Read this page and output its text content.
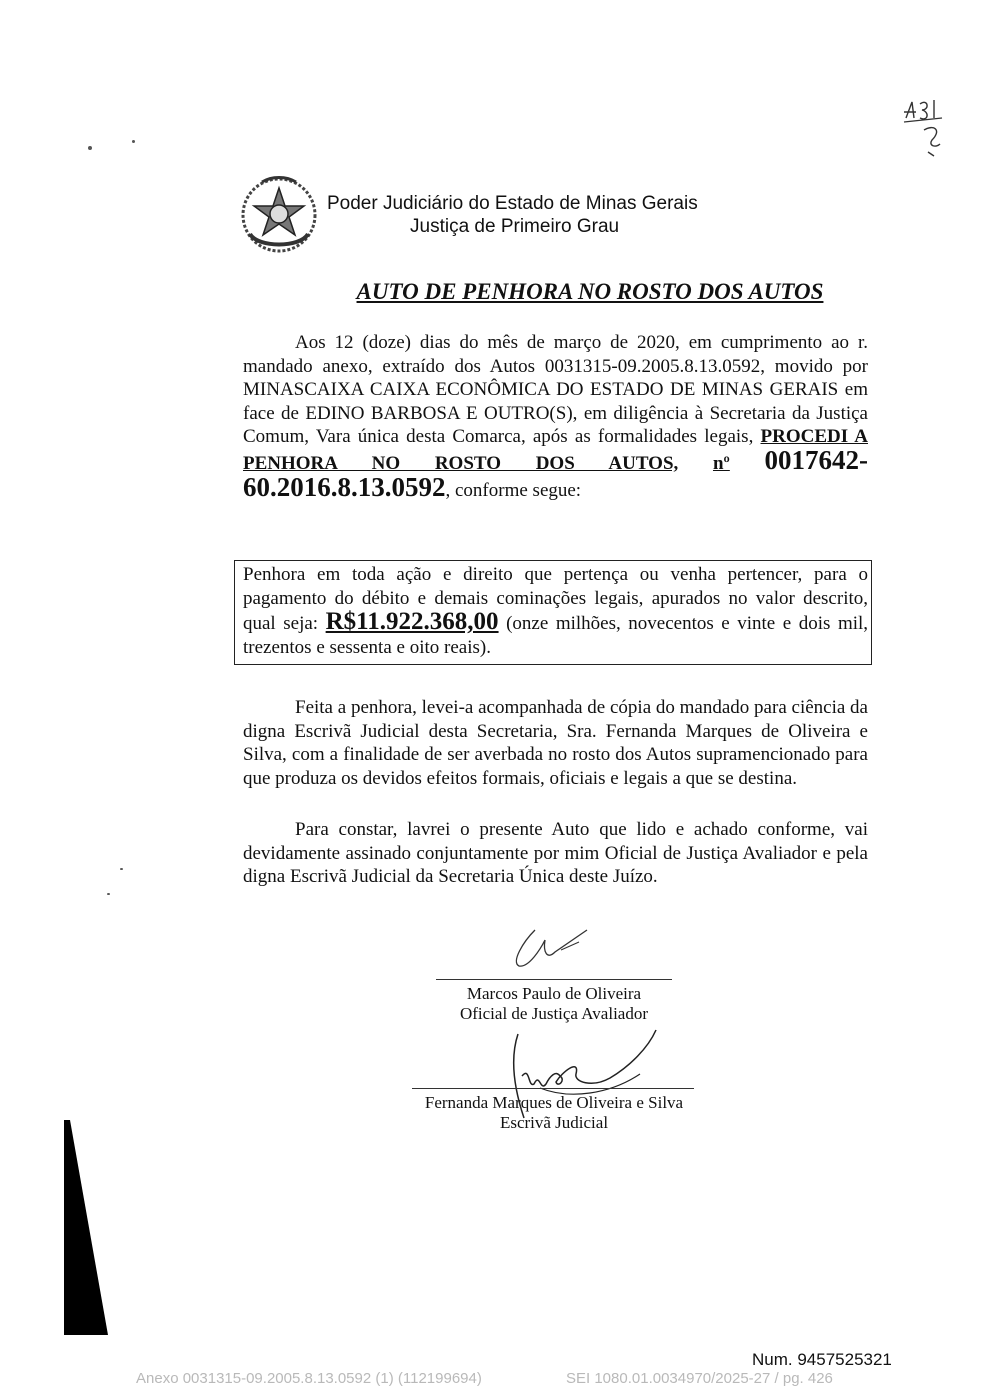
Poder Judiciário do Estado de Minas Gerais
Justiça de Primeiro Grau
AUTO DE PENHORA NO ROSTO DOS AUTOS
Aos 12 (doze) dias do mês de março de 2020, em cumprimento ao r. mandado anexo, extraído dos Autos 0031315-09.2005.8.13.0592, movido por MINASCAIXA CAIXA ECONÔMICA DO ESTADO DE MINAS GERAIS em face de EDINO BARBOSA E OUTRO(S), em diligência à Secretaria da Justiça Comum, Vara única desta Comarca, após as formalidades legais, PROCEDI A PENHORA NO ROSTO DOS AUTOS, nº 0017642-60.2016.8.13.0592, conforme segue:
Penhora em toda ação e direito que pertença ou venha pertencer, para o pagamento do débito e demais cominações legais, apurados no valor descrito, qual seja: R$11.922.368,00 (onze milhões, novecentos e vinte e dois mil, trezentos e sessenta e oito reais).
Feita a penhora, levei-a acompanhada de cópia do mandado para ciência da digna Escrivã Judicial desta Secretaria, Sra. Fernanda Marques de Oliveira e Silva, com a finalidade de ser averbada no rosto dos Autos supramencionado para que produza os devidos efeitos formais, oficiais e legais a que se destina.
Para constar, lavrei o presente Auto que lido e achado conforme, vai devidamente assinado conjuntamente por mim Oficial de Justiça Avaliador e pela digna Escrivã Judicial da Secretaria Única deste Juízo.
Marcos Paulo de Oliveira
Oficial de Justiça Avaliador
Fernanda Marques de Oliveira e Silva
Escrivã Judicial
Num. 9457525321
Anexo 0031315-09.2005.8.13.0592 (1) (112199694)	SEI 1080.01.0034970/2025-27 / pg. 426
